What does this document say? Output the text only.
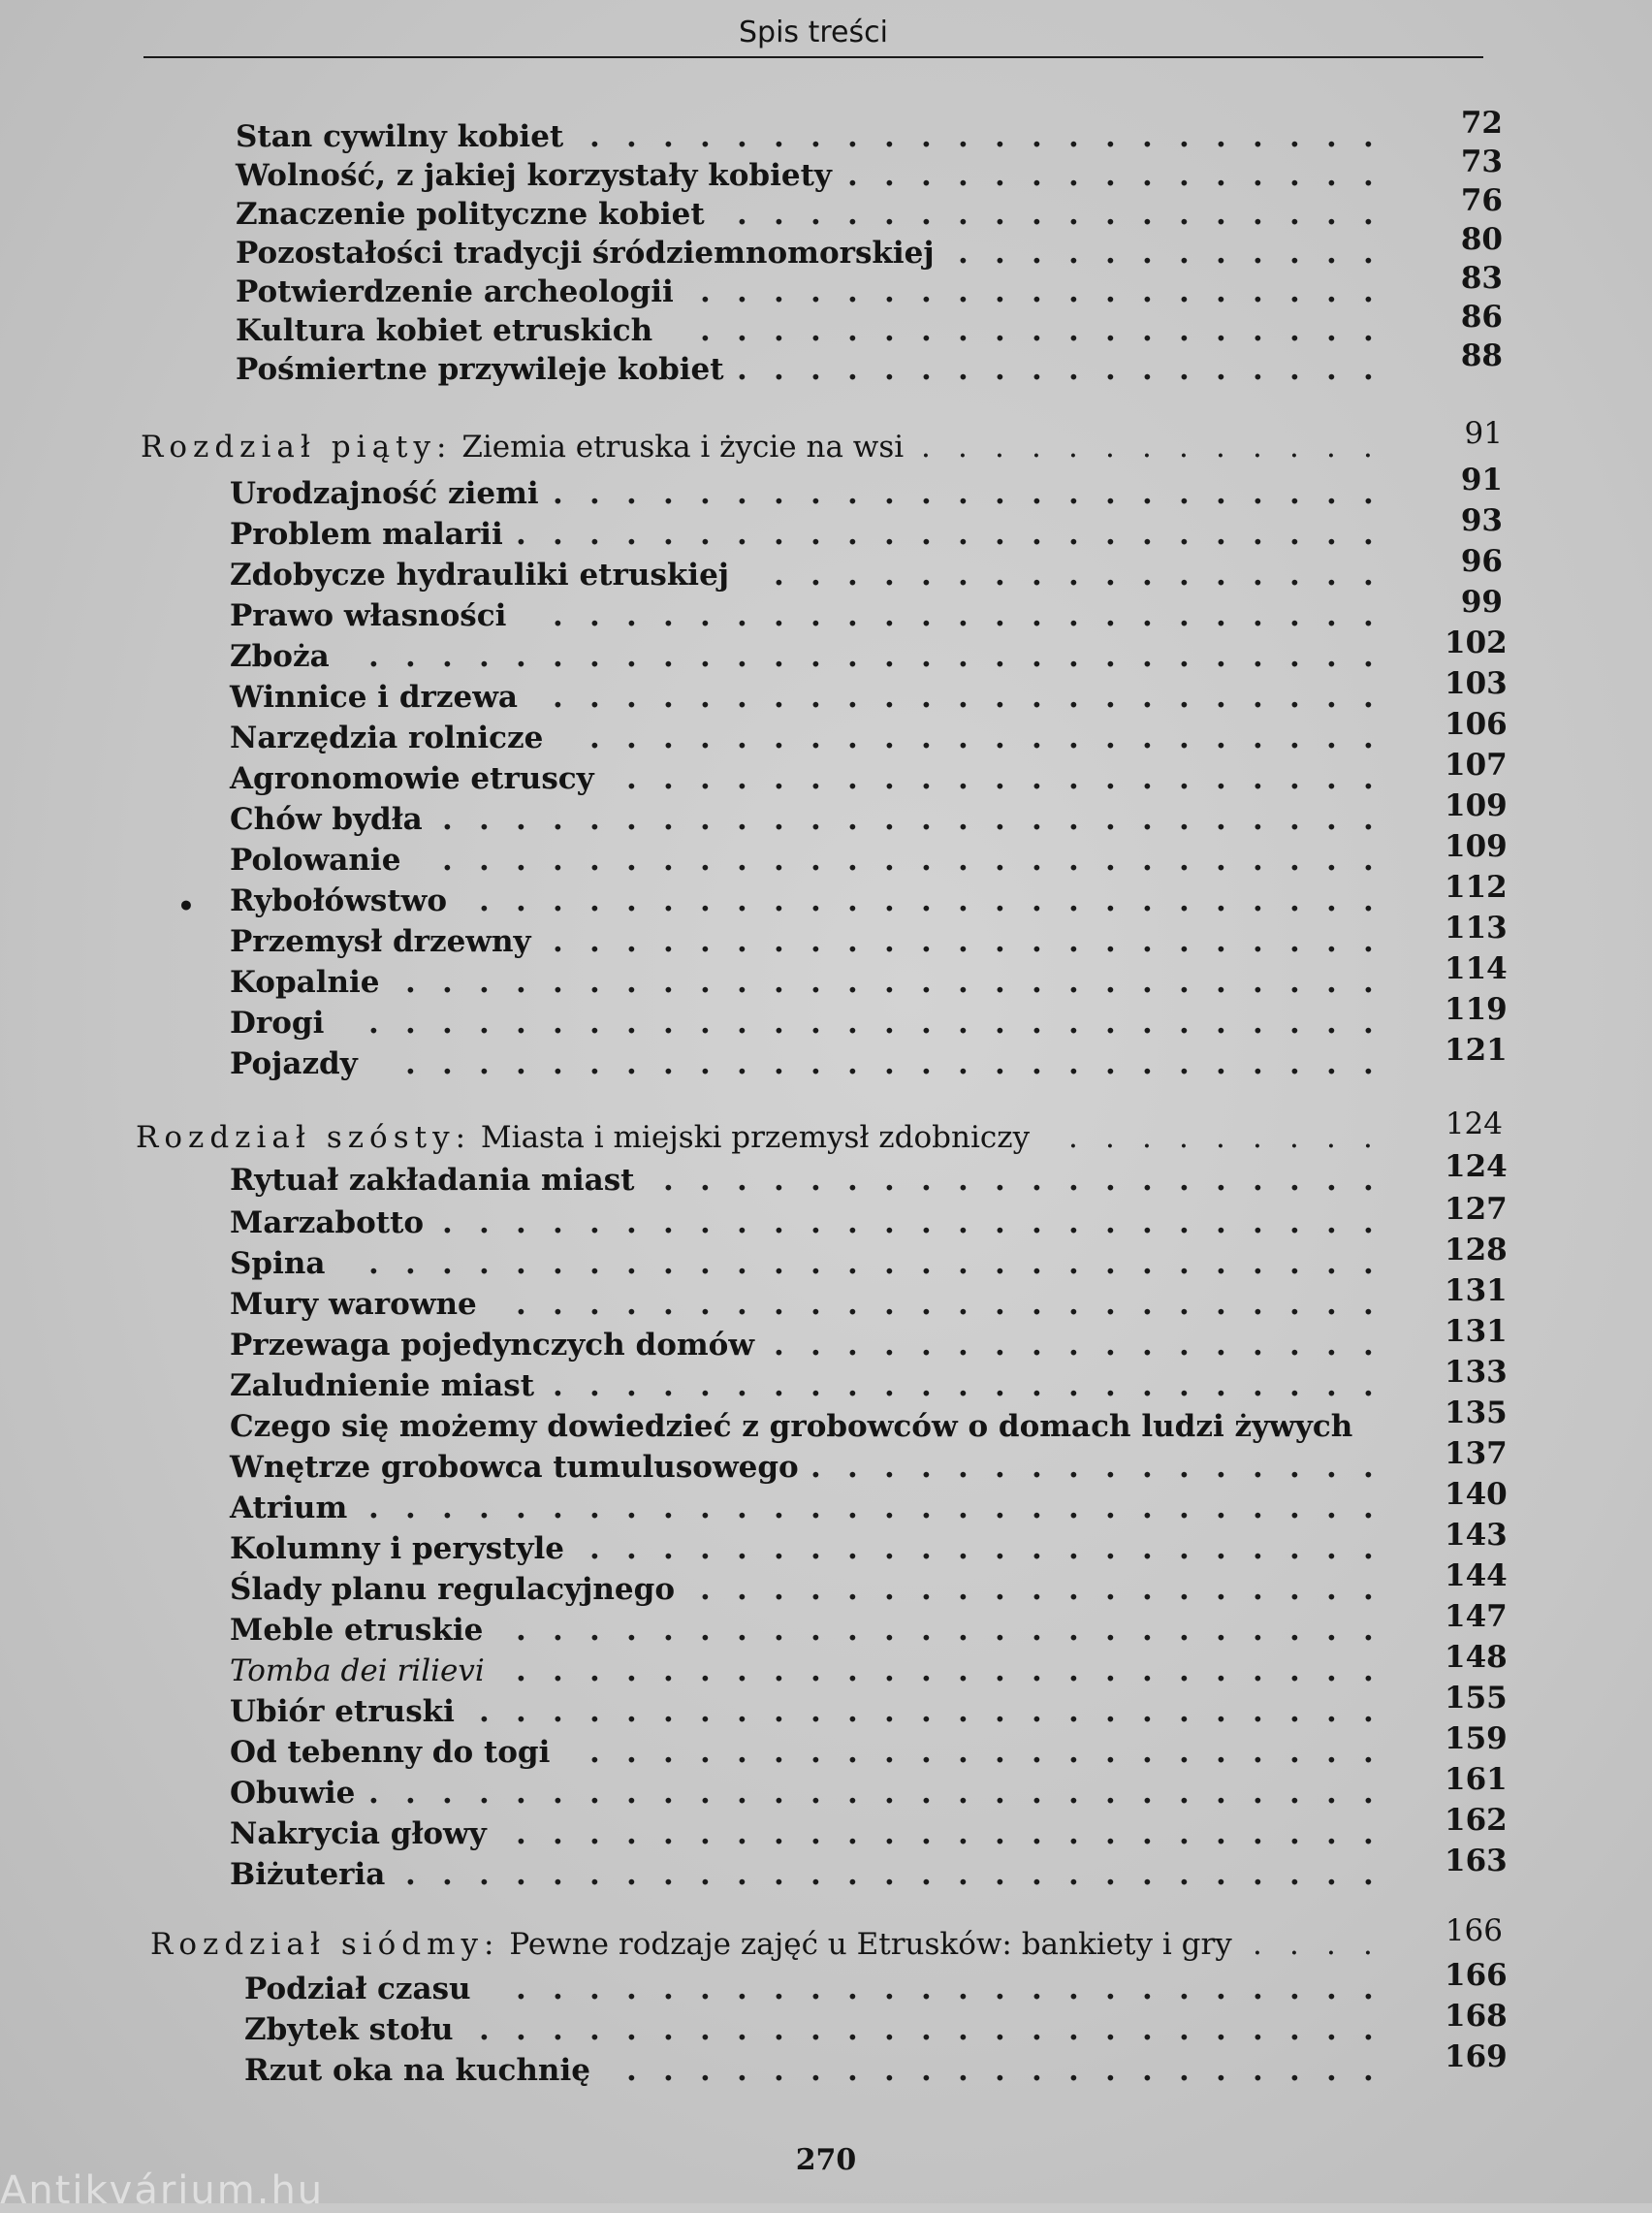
Spis treści
Stan cywilny kobiet	72
. . . . . . . . . . . . . . . . . . . . . .
Wolność, z jakiej korzystały kobiety	73
. . . . . . . . . . . . . . .
Znaczenie polityczne kobiet	76
. . . . . . . . . . . . . . . . . .
Pozostałości tradycji śródziemnomorskiej	80
. . . . . . . . . . . .
Potwierdzenie archeologii	83
. . . . . . . . . . . . . . . . . . .
Kultura kobiet etruskich	86
. . . . . . . . . . . . . . . . . . .
Pośmiertne przywileje kobiet	88
. . . . . . . . . . . . . . . . . .
Rozdział piąty: Ziemia etruska i życie na wsi	91
. . . . . . . . . . . . .
Urodzajność ziemi	91
. . . . . . . . . . . . . . . . . . . . . . .
Problem malarii	93
. . . . . . . . . . . . . . . . . . . . . . . .
Zdobycze hydrauliki etruskiej	96
. . . . . . . . . . . . . . . . .
Prawo własności	99
. . . . . . . . . . . . . . . . . . . . . . .
Zboża	102
. . . . . . . . . . . . . . . . . . . . . . . . . . . .
Winnice i drzewa	103
. . . . . . . . . . . . . . . . . . . . . . .
Narzędzia rolnicze	106
. . . . . . . . . . . . . . . . . . . . . .
Agronomowie etruscy	107
. . . . . . . . . . . . . . . . . . . . .
Chów bydła	109
. . . . . . . . . . . . . . . . . . . . . . . . . .
Polowanie	109
. . . . . . . . . . . . . . . . . . . . . . . . . .
Rybołówstwo	112
. . . . . . . . . . . . . . . . . . . . . . . . .
Przemysł drzewny	113
. . . . . . . . . . . . . . . . . . . . . . .
Kopalnie	114
. . . . . . . . . . . . . . . . . . . . . . . . . . .
Drogi	119
. . . . . . . . . . . . . . . . . . . . . . . . . . . .
Pojazdy	121
. . . . . . . . . . . . . . . . . . . . . . . . . . .
Rozdział szósty: Miasta i miejski przemysł zdobniczy	124
. . . . . . . . .
Rytuał zakładania miast	124
. . . . . . . . . . . . . . . . . . . .
Marzabotto	127
. . . . . . . . . . . . . . . . . . . . . . . . . .
Spina	128
. . . . . . . . . . . . . . . . . . . . . . . . . . . .
Mury warowne	131
. . . . . . . . . . . . . . . . . . . . . . . .
Przewaga pojedynczych domów	131
. . . . . . . . . . . . . . . . .
Zaludnienie miast	133
. . . . . . . . . . . . . . . . . . . . . . .
Czego się możemy dowiedzieć z grobowców o domach ludzi żywych	135
Wnętrze grobowca tumulusowego	137
. . . . . . . . . . . . . . . .
Atrium	140
. . . . . . . . . . . . . . . . . . . . . . . . . . . .
Kolumny i perystyle	143
. . . . . . . . . . . . . . . . . . . . . .
Ślady planu regulacyjnego	144
. . . . . . . . . . . . . . . . . . .
Meble etruskie	147
. . . . . . . . . . . . . . . . . . . . . . . .
Tomba dei rilievi	148
. . . . . . . . . . . . . . . . . . . . . . . .
Ubiór etruski	155
. . . . . . . . . . . . . . . . . . . . . . . . .
Od tebenny do togi	159
. . . . . . . . . . . . . . . . . . . . . .
Obuwie	161
. . . . . . . . . . . . . . . . . . . . . . . . . . . .
Nakrycia głowy	162
. . . . . . . . . . . . . . . . . . . . . . . .
Biżuteria	163
. . . . . . . . . . . . . . . . . . . . . . . . . . .
Rozdział siódmy: Pewne rodzaje zajęć u Etrusków: bankiety i gry	166
. . . .
Podział czasu	166
. . . . . . . . . . . . . . . . . . . . . . . .
Zbytek stołu	168
. . . . . . . . . . . . . . . . . . . . . . . . .
Rzut oka na kuchnię	169
. . . . . . . . . . . . . . . . . . . . .
•
270
Antikvárium.hu
